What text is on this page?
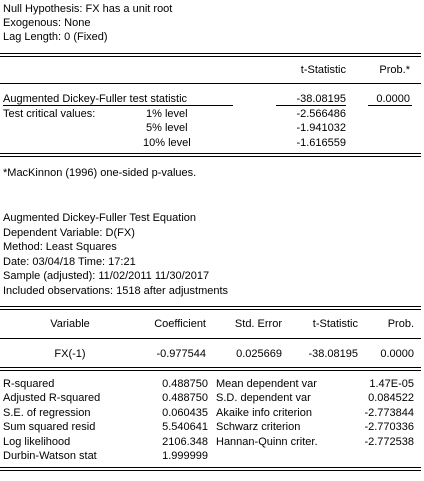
Null Hypothesis: FX has a unit root
Exogenous: None
Lag Length: 0 (Fixed)
t-Statistic	Prob.*
Augmented Dickey-Fuller test statistic	-38.08195	0.0000
Test critical values:	1% level	-2.566486
5% level	-1.941032
10% level	-1.616559
*MacKinnon (1996) one-sided p-values.
Augmented Dickey-Fuller Test Equation
Dependent Variable: D(FX)
Method: Least Squares
Date: 03/04/18 Time: 17:21
Sample (adjusted): 11/02/2011 11/30/2017
Included observations: 1518 after adjustments
Variable	Coefficient	Std. Error	t-Statistic	Prob.
FX(-1)	-0.977544	0.025669	-38.08195	0.0000
R-squared	0.488750 Mean dependent var	1.47E-05
Adjusted R-squared	0.488750 S.D. dependent var	0.084522
S.E. of regression	0.060435 Akaike info criterion	-2.773844
Sum squared resid	5.540641 Schwarz criterion	-2.770336
Log likelihood	2106.348 Hannan-Quinn criter.	-2.772538
Durbin-Watson stat	1.999999
